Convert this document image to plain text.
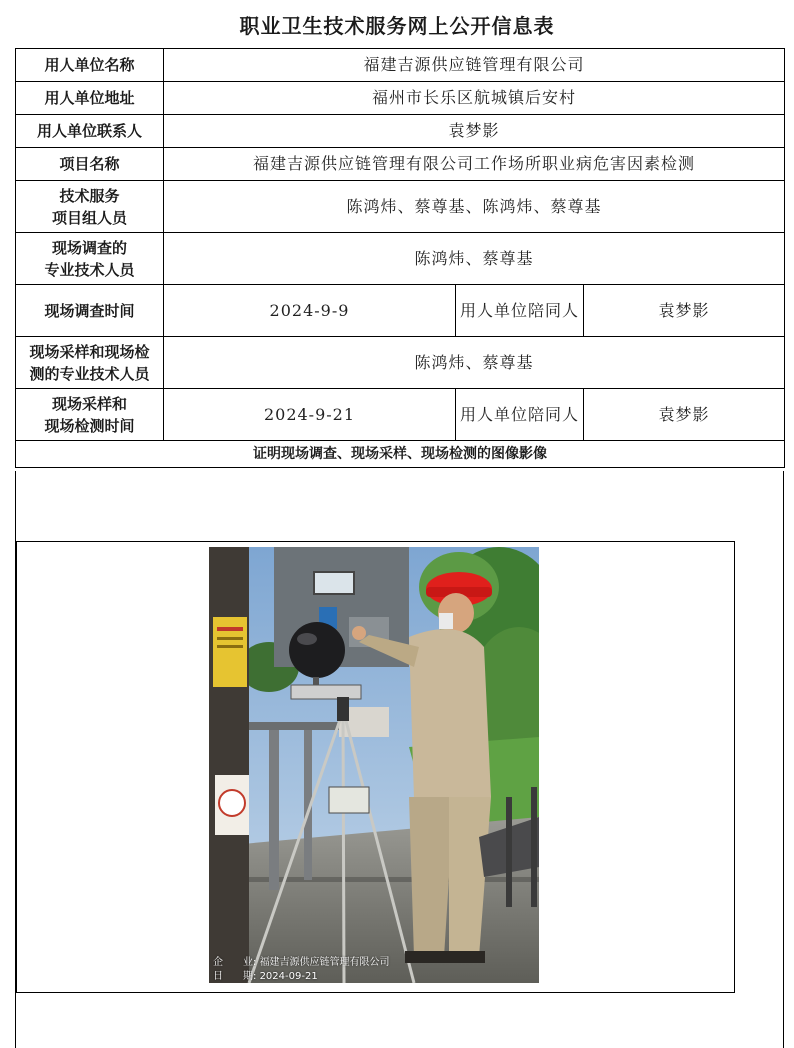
职业卫生技术服务网上公开信息表
用人单位名称	福建吉源供应链管理有限公司		
用人单位地址	福州市长乐区航城镇后安村		
用人单位联系人	袁梦影		
项目名称	福建吉源供应链管理有限公司工作场所职业病危害因素检测		

技术服务
项目组人员	陈鸿炜、蔡尊基、陈鸿炜、蔡尊基		

现场调查的
专业技术人员	陈鸿炜、蔡尊基		
现场调查时间	2024-9-9	用人单位陪同人	袁梦影

现场采样和现场检
测的专业技术人员	陈鸿炜、蔡尊基		

现场采样和
现场检测时间	2024-9-21	用人单位陪同人	袁梦影
证明现场调查、现场采样、现场检测的图像影像			
企　　业: 福建吉源供应链管理有限公司
日　　期: 2024-09-21
